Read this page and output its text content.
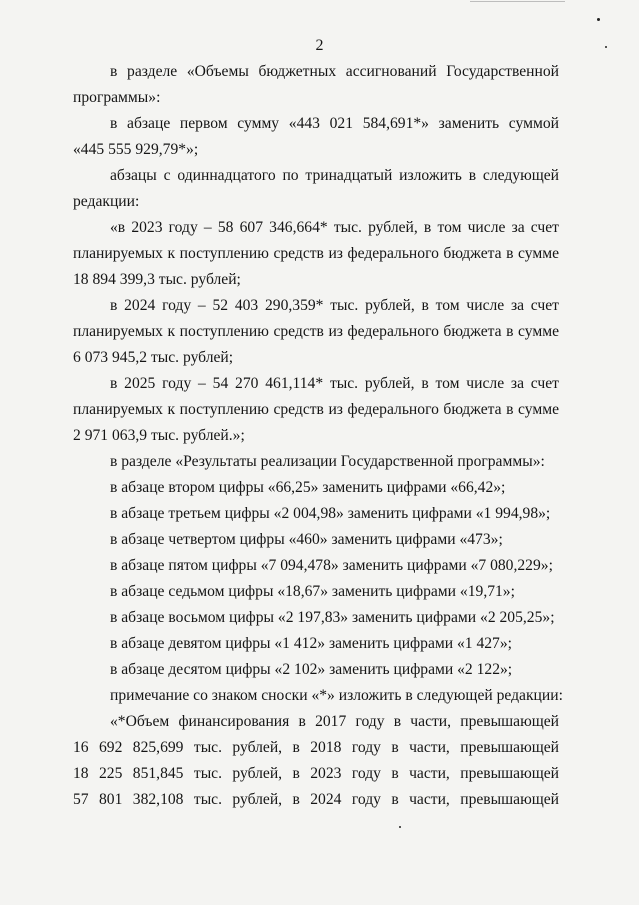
2
в разделе «Объемы бюджетных ассигнований Государственной
программы»:
в абзаце первом сумму «443 021 584,691*» заменить суммой
«445 555 929,79*»;
абзацы с одиннадцатого по тринадцатый изложить в следующей
редакции:
«в 2023 году – 58 607 346,664* тыс. рублей, в том числе за счет
планируемых к поступлению средств из федерального бюджета в сумме
18 894 399,3 тыс. рублей;
в 2024 году – 52 403 290,359* тыс. рублей, в том числе за счет
планируемых к поступлению средств из федерального бюджета в сумме
6 073 945,2 тыс. рублей;
в 2025 году – 54 270 461,114* тыс. рублей, в том числе за счет
планируемых к поступлению средств из федерального бюджета в сумме
2 971 063,9 тыс. рублей.»;
в разделе «Результаты реализации Государственной программы»:
в абзаце втором цифры «66,25» заменить цифрами «66,42»;
в абзаце третьем цифры «2 004,98» заменить цифрами «1 994,98»;
в абзаце четвертом цифры «460» заменить цифрами «473»;
в абзаце пятом цифры «7 094,478» заменить цифрами «7 080,229»;
в абзаце седьмом цифры «18,67» заменить цифрами «19,71»;
в абзаце восьмом цифры «2 197,83» заменить цифрами «2 205,25»;
в абзаце девятом цифры «1 412» заменить цифрами «1 427»;
в абзаце десятом цифры «2 102» заменить цифрами «2 122»;
примечание со знаком сноски «*» изложить в следующей редакции:
«*Объем финансирования в 2017 году в части, превышающей
16 692 825,699 тыс. рублей, в 2018 году в части, превышающей
18 225 851,845 тыс. рублей, в 2023 году в части, превышающей
57 801 382,108 тыс. рублей, в 2024 году в части, превышающей
